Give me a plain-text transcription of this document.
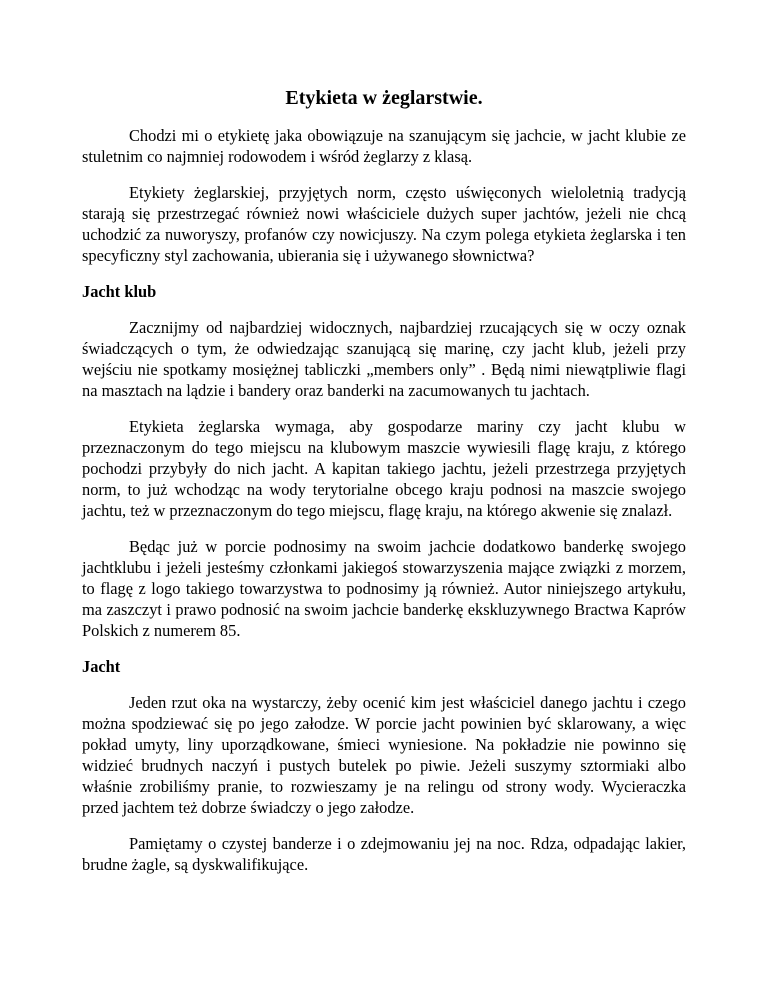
Etykieta w żeglarstwie.

Chodzi mi o etykietę jaka obowiązuje na szanującym się jachcie, w jacht klubie ze stuletnim co najmniej rodowodem i wśród żeglarzy z klasą.

Etykiety żeglarskiej, przyjętych norm, często uświęconych wieloletnią tradycją starają się przestrzegać również nowi właściciele dużych super jachtów, jeżeli nie chcą uchodzić za nuworyszy, profanów czy nowicjuszy. Na czym polega etykieta żeglarska i ten specyficzny styl zachowania, ubierania się i używanego słownictwa?

Jacht klub

Zacznijmy od najbardziej widocznych, najbardziej rzucających się w oczy oznak świadczących o tym, że odwiedzając szanującą się marinę, czy jacht klub, jeżeli przy wejściu nie spotkamy mosiężnej tabliczki „members only” . Będą nimi niewątpliwie flagi na masztach na lądzie i bandery oraz banderki na zacumowanych tu jachtach.

Etykieta żeglarska wymaga, aby gospodarze mariny czy jacht klubu w przeznaczonym do tego miejscu na klubowym maszcie wywiesili flagę kraju, z którego pochodzi przybyły do nich jacht. A kapitan takiego jachtu, jeżeli przestrzega przyjętych norm, to już wchodząc na wody terytorialne obcego kraju podnosi na maszcie swojego jachtu, też w przeznaczonym do tego miejscu, flagę kraju, na którego akwenie się znalazł.

Będąc już w porcie podnosimy na swoim jachcie dodatkowo banderkę swojego jachtklubu i jeżeli jesteśmy członkami jakiegoś stowarzyszenia mające związki z morzem, to flagę z logo takiego towarzystwa to podnosimy ją również. Autor niniejszego artykułu, ma zaszczyt i prawo podnosić na swoim jachcie banderkę ekskluzywnego Bractwa Kaprów Polskich z numerem 85.

Jacht

Jeden rzut oka na wystarczy, żeby ocenić kim jest właściciel danego jachtu i czego można spodziewać się po jego załodze. W porcie jacht powinien być sklarowany, a więc pokład umyty, liny uporządkowane, śmieci wyniesione. Na pokładzie nie powinno się widzieć brudnych naczyń i pustych butelek po piwie. Jeżeli suszymy sztormiaki albo właśnie zrobiliśmy pranie, to rozwieszamy je na relingu od strony wody. Wycieraczka przed jachtem też dobrze świadczy o jego załodze.

Pamiętamy o czystej banderze i o zdejmowaniu jej na noc. Rdza, odpadając lakier, brudne żagle, są dyskwalifikujące.
